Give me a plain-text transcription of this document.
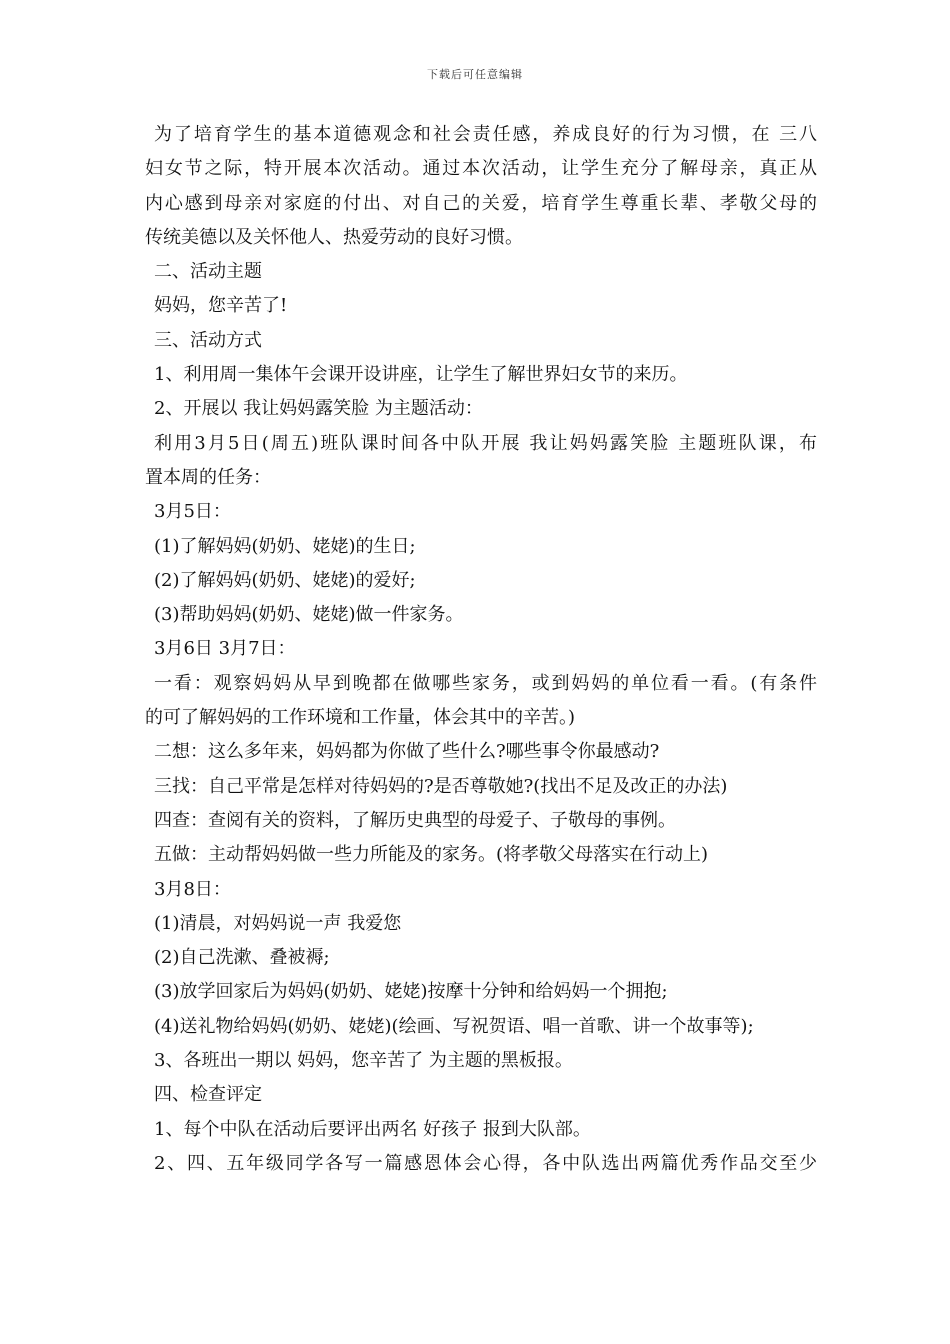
下载后可任意编辑
为了培育学生的基本道德观念和社会责任感，养成良好的行为习惯，在 三八
妇女节之际，特开展本次活动。通过本次活动，让学生充分了解母亲，真正从
内心感到母亲对家庭的付出、对自己的关爱，培育学生尊重长辈、孝敬父母的
传统美德以及关怀他人、热爱劳动的良好习惯。
二、活动主题
妈妈，您辛苦了!
三、活动方式
1、利用周一集体午会课开设讲座，让学生了解世界妇女节的来历。
2、开展以 我让妈妈露笑脸 为主题活动：
利用3月5日(周五)班队课时间各中队开展 我让妈妈露笑脸 主题班队课，布
置本周的任务：
3月5日：
(1)了解妈妈(奶奶、姥姥)的生日;
(2)了解妈妈(奶奶、姥姥)的爱好;
(3)帮助妈妈(奶奶、姥姥)做一件家务。
3月6日 3月7日：
一看：观察妈妈从早到晚都在做哪些家务，或到妈妈的单位看一看。(有条件
的可了解妈妈的工作环境和工作量，体会其中的辛苦。)
二想：这么多年来，妈妈都为你做了些什么?哪些事令你最感动?
三找：自己平常是怎样对待妈妈的?是否尊敬她?(找出不足及改正的办法)
四查：查阅有关的资料，了解历史典型的母爱子、子敬母的事例。
五做：主动帮妈妈做一些力所能及的家务。(将孝敬父母落实在行动上)
3月8日：
(1)清晨，对妈妈说一声 我爱您
(2)自己洗漱、叠被褥;
(3)放学回家后为妈妈(奶奶、姥姥)按摩十分钟和给妈妈一个拥抱;
(4)送礼物给妈妈(奶奶、姥姥)(绘画、写祝贺语、唱一首歌、讲一个故事等);
3、各班出一期以 妈妈，您辛苦了 为主题的黑板报。
四、检查评定
1、每个中队在活动后要评出两名 好孩子 报到大队部。
2、四、五年级同学各写一篇感恩体会心得，各中队选出两篇优秀作品交至少
